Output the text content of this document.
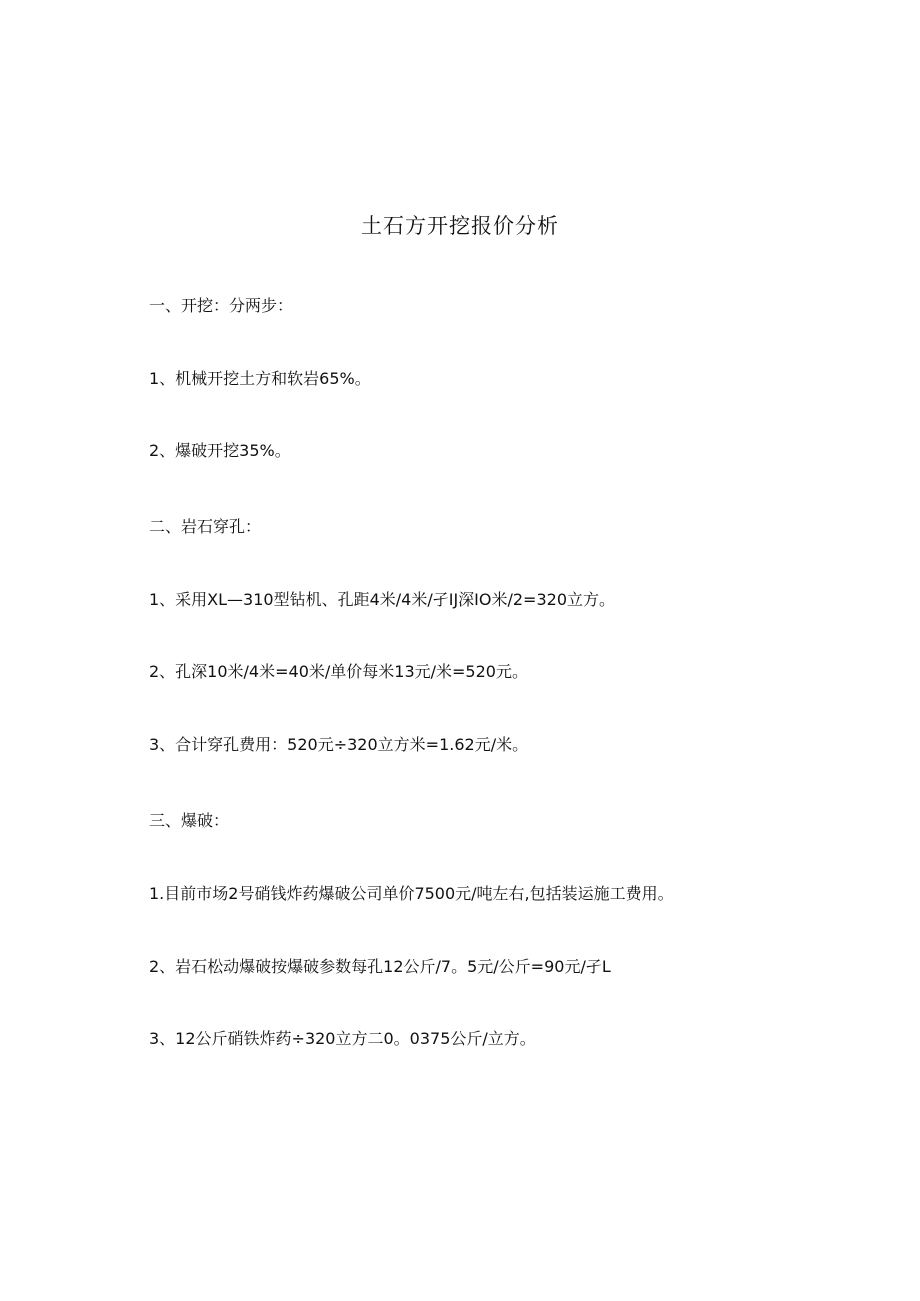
土石方开挖报价分析
一、开挖：分两步：
1、机械开挖土方和软岩65%。
2、爆破开挖35%。
二、岩石穿孔：
1、采用XL—310型钻机、孔距4米/4米/孑IJ深IO米/2=320立方。
2、孔深10米/4米=40米/单价每米13元/米=520元。
3、合计穿孔费用：520元÷320立方米=1.62元/米。
三、爆破：
1.目前市场2号硝钱炸药爆破公司单价7500元/吨左右,包括装运施工费用。
2、岩石松动爆破按爆破参数每孔12公斤/7。5元/公斤=90元/孑L
3、12公斤硝铁炸药÷320立方二0。0375公斤/立方。
